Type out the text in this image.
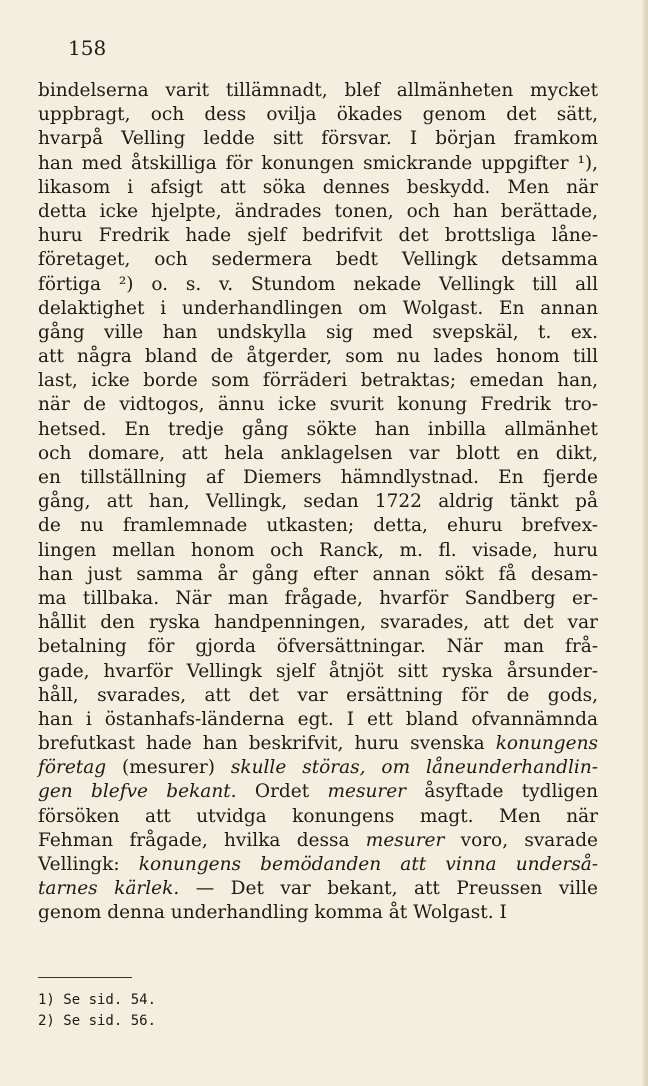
158
bindelserna varit tillämnadt, blef allmänheten mycket
uppbragt, och dess ovilja ökades genom det sätt,
hvarpå Velling ledde sitt försvar. I början framkom
han med åtskilliga för konungen smickrande uppgifter ¹),
likasom i afsigt att söka dennes beskydd. Men när
detta icke hjelpte, ändrades tonen, och han berättade,
huru Fredrik hade sjelf bedrifvit det brottsliga låne-
företaget, och sedermera bedt Vellingk detsamma
förtiga ²) o. s. v. Stundom nekade Vellingk till all
delaktighet i underhandlingen om Wolgast. En annan
gång ville han undskylla sig med svepskäl, t. ex.
att några bland de åtgerder, som nu lades honom till
last, icke borde som förräderi betraktas; emedan han,
när de vidtogos, ännu icke svurit konung Fredrik tro-
hetsed. En tredje gång sökte han inbilla allmänhet
och domare, att hela anklagelsen var blott en dikt,
en tillställning af Diemers hämndlystnad. En fjerde
gång, att han, Vellingk, sedan 1722 aldrig tänkt på
de nu framlemnade utkasten; detta, ehuru brefvex-
lingen mellan honom och Ranck, m. fl. visade, huru
han just samma år gång efter annan sökt få desam-
ma tillbaka. När man frågade, hvarför Sandberg er-
hållit den ryska handpenningen, svarades, att det var
betalning för gjorda öfversättningar. När man frå-
gade, hvarför Vellingk sjelf åtnjöt sitt ryska årsunder-
håll, svarades, att det var ersättning för de gods,
han i östanhafs-länderna egt. I ett bland ofvannämnda
brefutkast hade han beskrifvit, huru svenska konungens
företag (mesurer) skulle störas, om låneunderhandlin-
gen blefve bekant. Ordet mesurer åsyftade tydligen
försöken att utvidga konungens magt. Men när
Fehman frågade, hvilka dessa mesurer voro, svarade
Vellingk: konungens bemödanden att vinna underså-
tarnes kärlek. — Det var bekant, att Preussen ville
genom denna underhandling komma åt Wolgast. I
1) Se sid. 54.
2) Se sid. 56.
